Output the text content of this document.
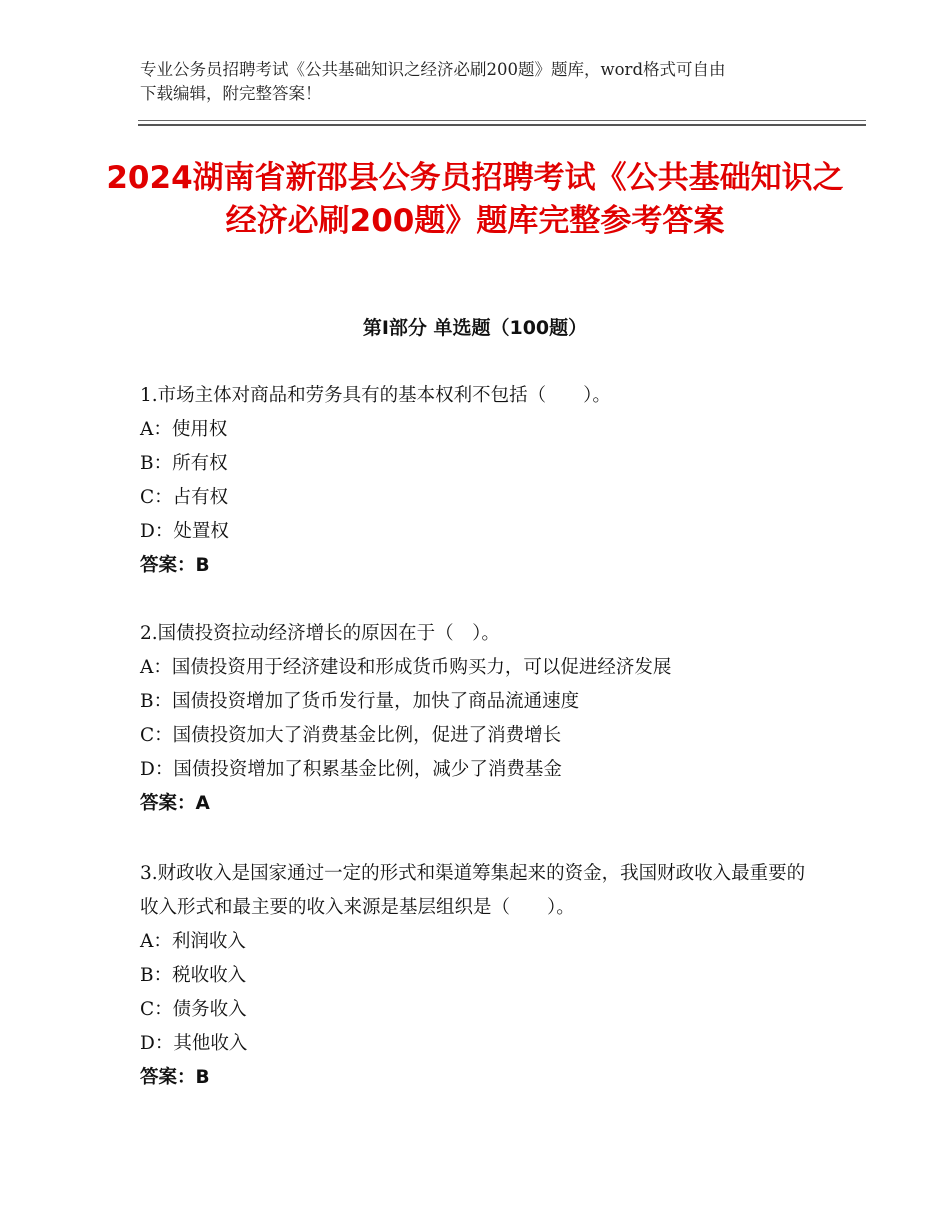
专业公务员招聘考试《公共基础知识之经济必刷200题》题库，word格式可自由
下载编辑，附完整答案！
2024湖南省新邵县公务员招聘考试《公共基础知识之经济必刷200题》题库完整参考答案
第Ⅰ部分 单选题（100题）
1.市场主体对商品和劳务具有的基本权利不包括（　　）。
A：使用权
B：所有权
C：占有权
D：处置权
答案：B
2.国债投资拉动经济增长的原因在于（　）。
A：国债投资用于经济建设和形成货币购买力，可以促进经济发展
B：国债投资增加了货币发行量，加快了商品流通速度
C：国债投资加大了消费基金比例，促进了消费增长
D：国债投资增加了积累基金比例，减少了消费基金
答案：A
3.财政收入是国家通过一定的形式和渠道筹集起来的资金，我国财政收入最重要的收入形式和最主要的收入来源是基层组织是（　　）。
A：利润收入
B：税收收入
C：债务收入
D：其他收入
答案：B
